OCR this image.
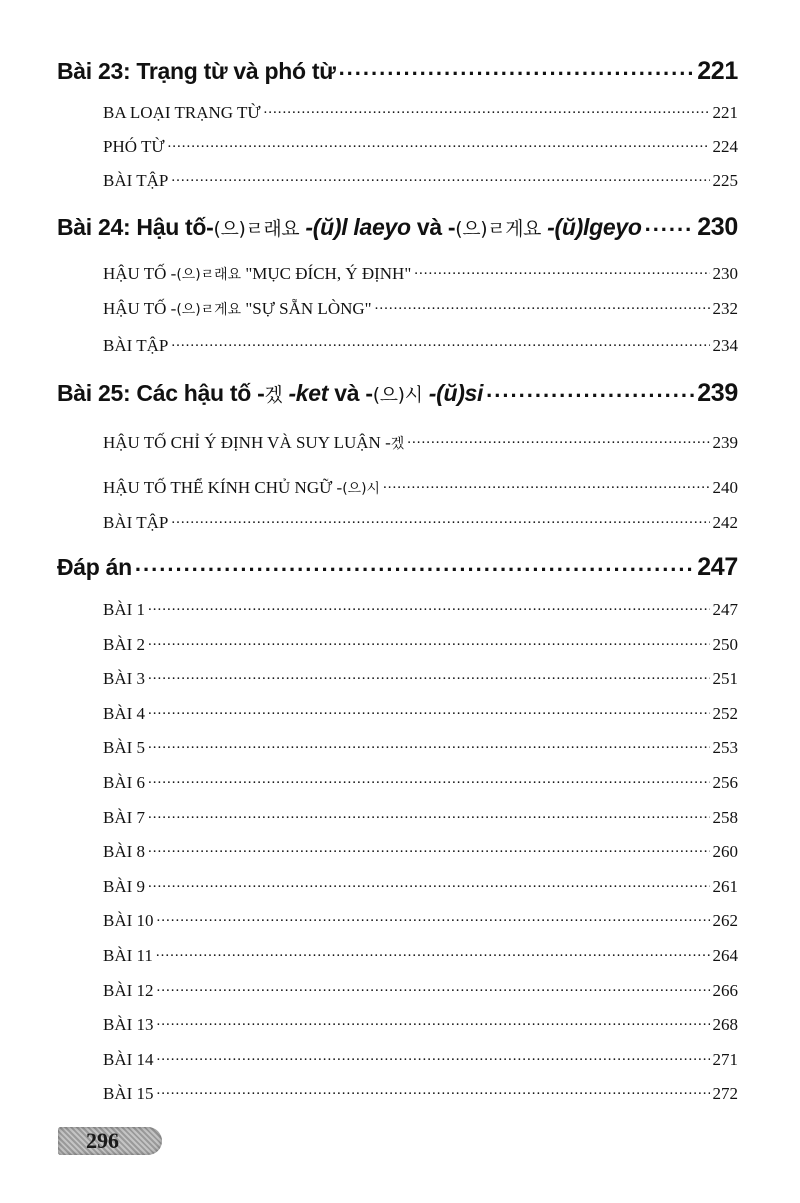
Bài 23: Trạng từ và phó từ .....	221
BA LOẠI TRẠNG TỪ .....	221
PHÓ TỪ .....	224
BÀI TẬP .....	225
Bài 24: Hậu tố-(으)ㄹ래요 -(ŭ)l laeyo và -(으)ㄹ게요 -(ŭ)lgeyo ..... 230
HẬU TỐ -(으)ㄹ래요 "MỤC ĐÍCH, Ý ĐỊNH" .....	230
HẬU TỐ -(으)ㄹ게요 "SỰ SẴN LÒNG" .....	232
BÀI TẬP .....	234
Bài 25: Các hậu tố -겠 -ket và -(으)시 -(ŭ)si .....	239
HẬU TỐ CHỈ Ý ĐỊNH VÀ SUY LUẬN -겠 .....	239
HẬU TỐ THỂ KÍNH CHỦ NGỮ -(으)시 .....	240
BÀI TẬP .....	242
Đáp án .....	247
BÀI 1 .....	247
BÀI 2 .....	250
BÀI 3 .....	251
BÀI 4 .....	252
BÀI 5 .....	253
BÀI 6 .....	256
BÀI 7 .....	258
BÀI 8 .....	260
BÀI 9 .....	261
BÀI 10 .....	262
BÀI 11 .....	264
BÀI 12 .....	266
BÀI 13 .....	268
BÀI 14 .....	271
BÀI 15 .....	272
296
